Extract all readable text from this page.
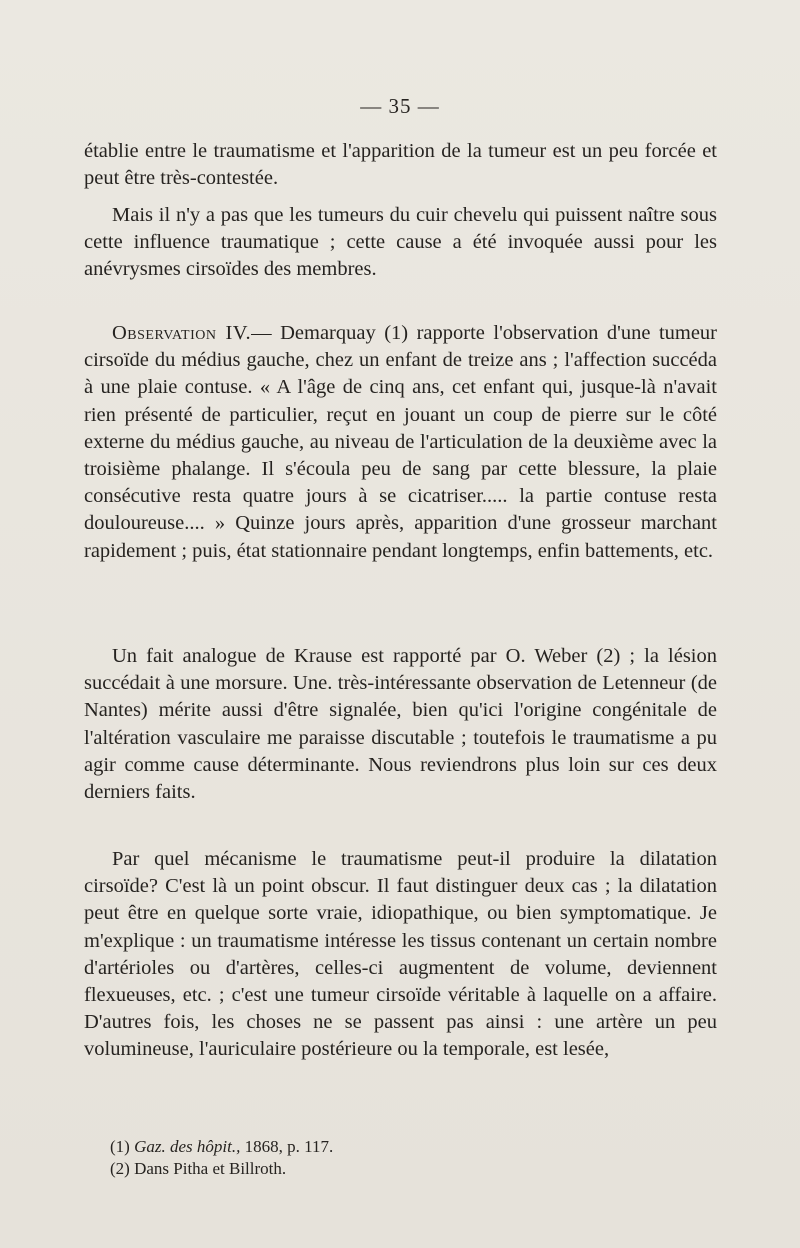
— 35 —

établie entre le traumatisme et l'apparition de la tumeur est un peu forcée et peut être très-contestée.

Mais il n'y a pas que les tumeurs du cuir chevelu qui puissent naître sous cette influence traumatique ; cette cause a été invoquée aussi pour les anévrysmes cirsoïdes des membres.

Observation IV.— Demarquay (1) rapporte l'observation d'une tumeur cirsoïde du médius gauche, chez un enfant de treize ans ; l'affection succéda à une plaie contuse. « A l'âge de cinq ans, cet enfant qui, jusque-là n'avait rien présenté de particulier, reçut en jouant un coup de pierre sur le côté externe du médius gauche, au niveau de l'articulation de la deuxième avec la troisième phalange. Il s'écoula peu de sang par cette blessure, la plaie consécutive resta quatre jours à se cicatriser..... la partie contuse resta douloureuse.... » Quinze jours après, apparition d'une grosseur marchant rapidement ; puis, état stationnaire pendant longtemps, enfin battements, etc.

Un fait analogue de Krause est rapporté par O. Weber (2) ; la lésion succédait à une morsure. Une. très-intéressante observation de Letenneur (de Nantes) mérite aussi d'être signalée, bien qu'ici l'origine congénitale de l'altération vasculaire me paraisse discutable ; toutefois le traumatisme a pu agir comme cause déterminante. Nous reviendrons plus loin sur ces deux derniers faits.

Par quel mécanisme le traumatisme peut-il produire la dilatation cirsoïde? C'est là un point obscur. Il faut distinguer deux cas ; la dilatation peut être en quelque sorte vraie, idiopathique, ou bien symptomatique. Je m'explique : un traumatisme intéresse les tissus contenant un certain nombre d'artérioles ou d'artères, celles-ci augmentent de volume, deviennent flexueuses, etc. ; c'est une tumeur cirsoïde véritable à laquelle on a affaire. D'autres fois, les choses ne se passent pas ainsi : une artère un peu volumineuse, l'auriculaire postérieure ou la temporale, est lesée,

(1) Gaz. des hôpit., 1868, p. 117.
(2) Dans Pitha et Billroth.
